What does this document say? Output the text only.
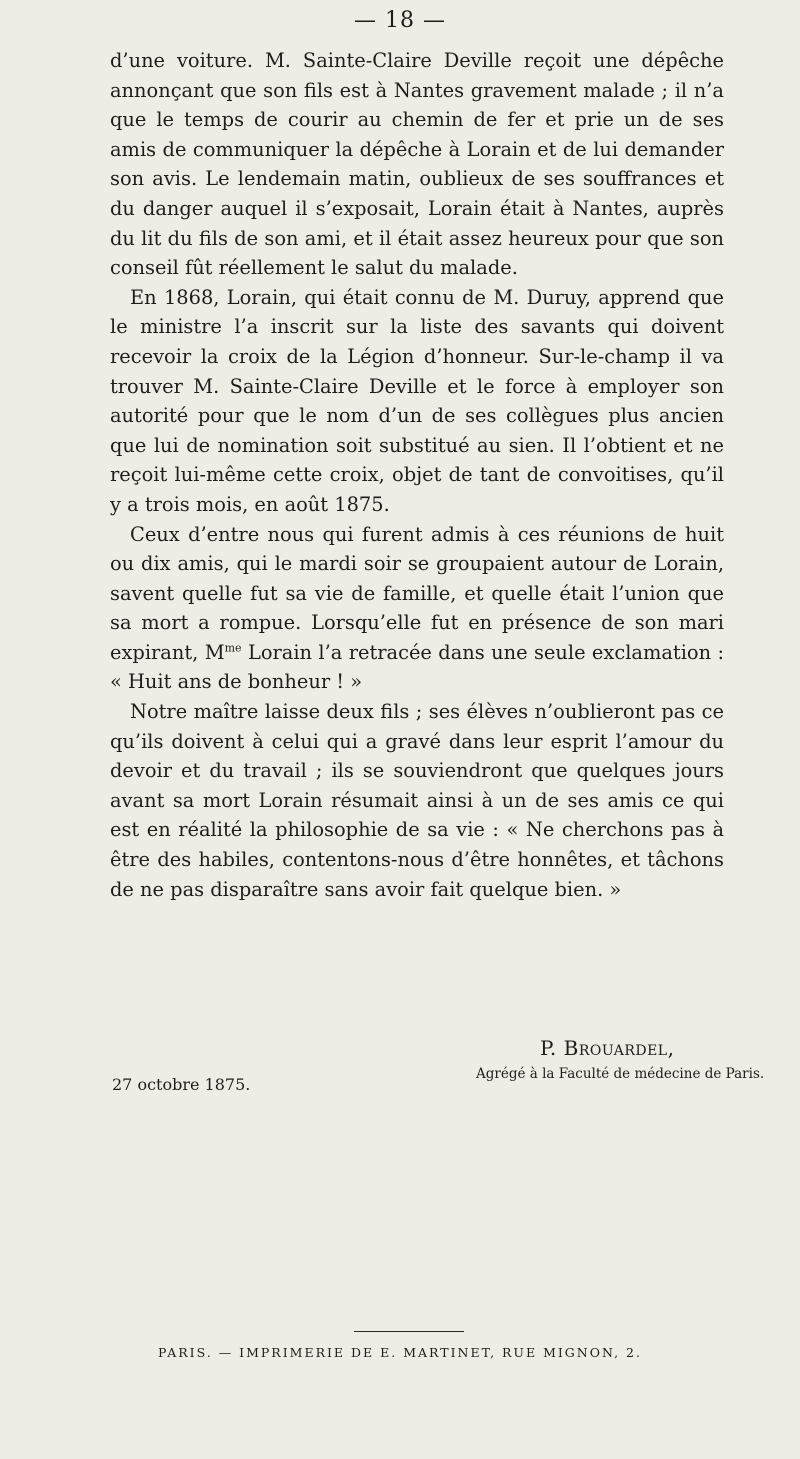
— 18 —

d’une voiture. M. Sainte-Claire Deville reçoit une dépêche annonçant que son fils est à Nantes gravement malade ; il n’a que le temps de courir au chemin de fer et prie un de ses amis de communiquer la dépêche à Lorain et de lui demander son avis. Le lendemain matin, oublieux de ses souffrances et du danger auquel il s’exposait, Lorain était à Nantes, auprès du lit du fils de son ami, et il était assez heureux pour que son conseil fût réellement le salut du malade.

En 1868, Lorain, qui était connu de M. Duruy, apprend que le ministre l’a inscrit sur la liste des savants qui doivent recevoir la croix de la Légion d’honneur. Sur-le-champ il va trouver M. Sainte-Claire Deville et le force à employer son autorité pour que le nom d’un de ses collègues plus ancien que lui de nomination soit substitué au sien. Il l’obtient et ne reçoit lui-même cette croix, objet de tant de convoitises, qu’il y a trois mois, en août 1875.

Ceux d’entre nous qui furent admis à ces réunions de huit ou dix amis, qui le mardi soir se groupaient autour de Lorain, savent quelle fut sa vie de famille, et quelle était l’union que sa mort a rompue. Lorsqu’elle fut en présence de son mari expirant, $M^{me}$ Lorain l’a retracée dans une seule exclamation : « Huit ans de bonheur ! »

Notre maître laisse deux fils ; ses élèves n’oublieront pas ce qu’ils doivent à celui qui a gravé dans leur esprit l’amour du devoir et du travail ; ils se souviendront que quelques jours avant sa mort Lorain résumait ainsi à un de ses amis ce qui est en réalité la philosophie de sa vie : « Ne cherchons pas à être des habiles, contentons-nous d’être honnêtes, et tâchons de ne pas disparaître sans avoir fait quelque bien. »

P. Brouardel,
Agrégé à la Faculté de médecine de Paris.
27 octobre 1875.
PARIS. — IMPRIMERIE DE E. MARTINET, RUE MIGNON, 2.
